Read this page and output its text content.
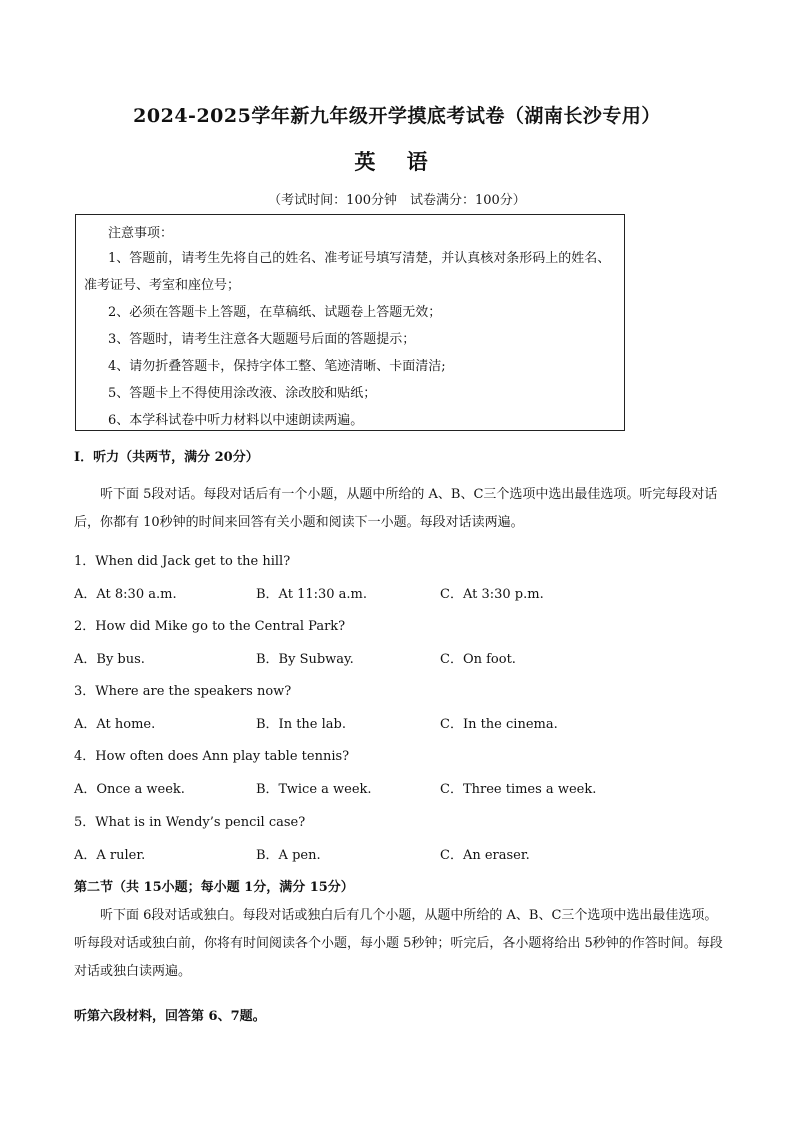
2024-2025学年新九年级开学摸底考试卷（湖南长沙专用）
英 语
（考试时间：100分钟　试卷满分：100分）
注意事项：
1、答题前，请考生先将自己的姓名、准考证号填写清楚，并认真核对条形码上的姓名、准考证号、考室和座位号；
2、必须在答题卡上答题，在草稿纸、试题卷上答题无效；
3、答题时，请考生注意各大题题号后面的答题提示；
4、请勿折叠答题卡，保持字体工整、笔迹清晰、卡面清洁;
5、答题卡上不得使用涂改液、涂改胶和贴纸；
6、本学科试卷中听力材料以中速朗读两遍。
I．听力（共两节，满分 20分）
听下面 5段对话。每段对话后有一个小题，从题中所给的 A、B、C三个选项中选出最佳选项。听完每段对话后，你都有 10秒钟的时间来回答有关小题和阅读下一小题。每段对话读两遍。
1．When did Jack get to the hill?
A．At 8:30 a.m.	B．At 11:30 a.m.	C．At 3:30 p.m.
2．How did Mike go to the Central Park?
A．By bus.	B．By Subway.	C．On foot.
3．Where are the speakers now?
A．At home.	B．In the lab.	C．In the cinema.
4．How often does Ann play table tennis?
A．Once a week.	B．Twice a week.	C．Three times a week.
5．What is in Wendy’s pencil case?
A．A ruler.	B．A pen.	C．An eraser.
第二节（共 15小题；每小题 1分，满分 15分）
听下面 6段对话或独白。每段对话或独白后有几个小题，从题中所给的 A、B、C三个选项中选出最佳选项。听每段对话或独白前，你将有时间阅读各个小题，每小题 5秒钟；听完后，各小题将给出 5秒钟的作答时间。每段对话或独白读两遍。
听第六段材料，回答第 6、7题。
